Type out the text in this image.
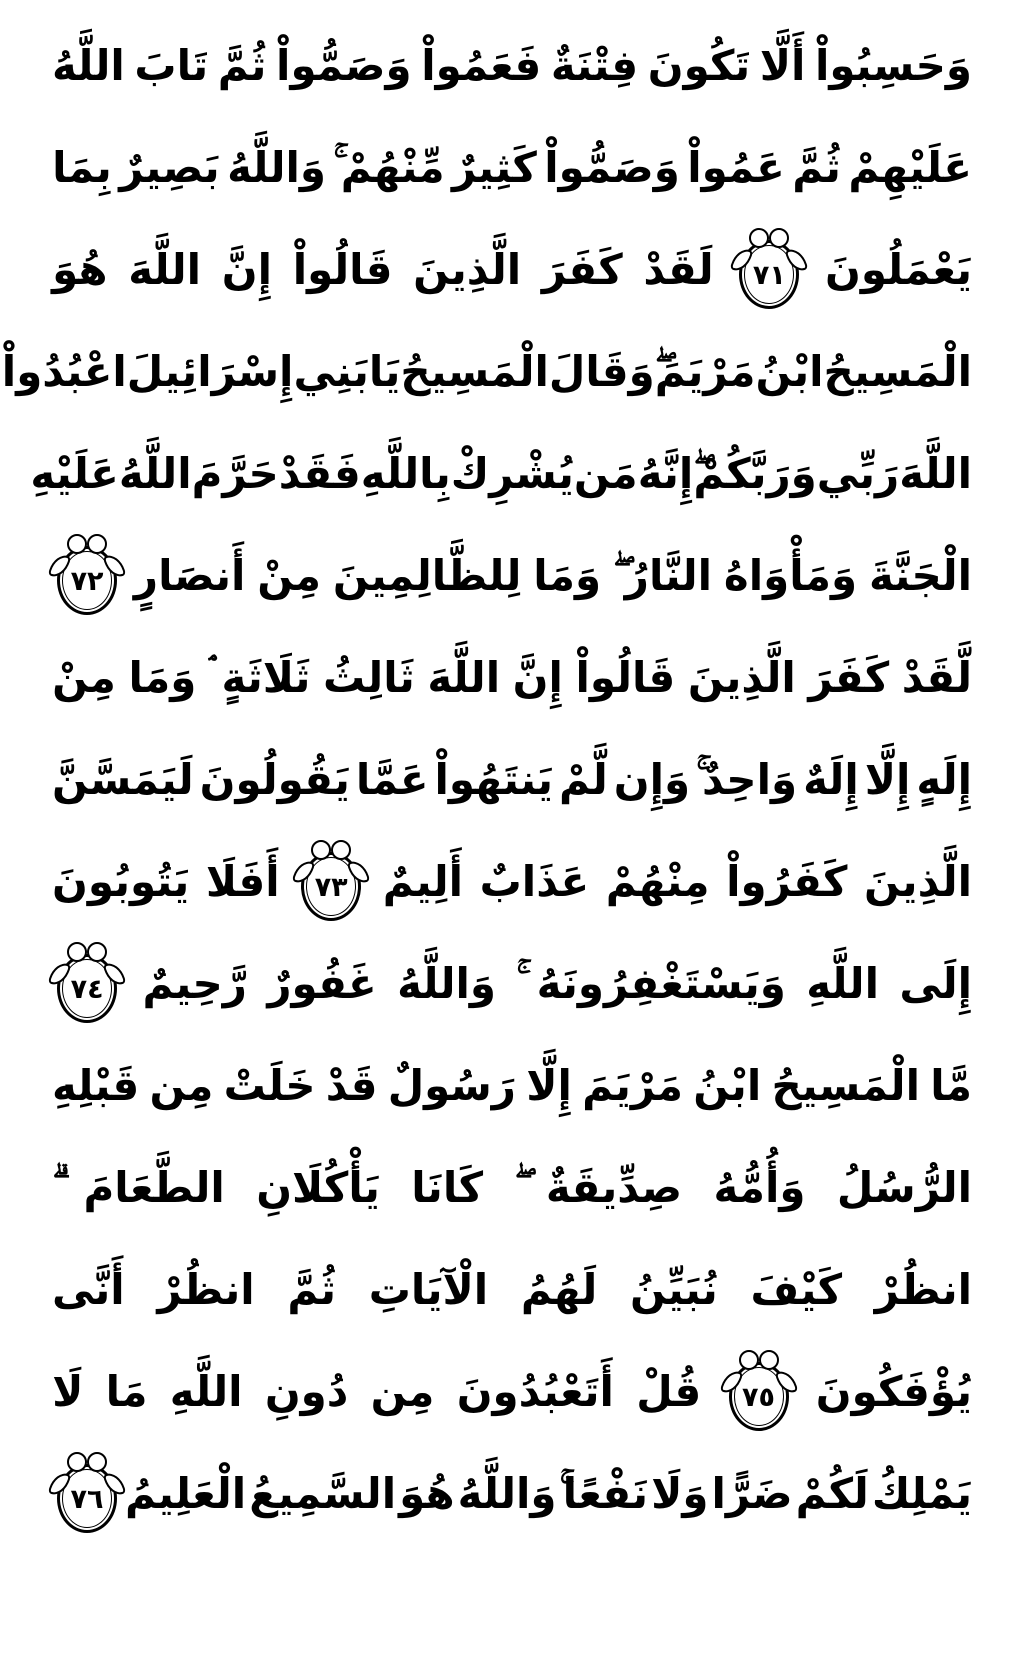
وَحَسِبُواْ
أَلَّا
تَكُونَ
فِتْنَةٌ
فَعَمُواْ
وَصَمُّواْ
ثُمَّ
تَابَ
اللَّهُ
عَلَيْهِمْ
ثُمَّ
عَمُواْ
وَصَمُّواْ
كَثِيرٌ
مِّنْهُمْ
وَاللَّهُ
بَصِيرٌ
بِمَا
يَعْمَلُونَ
٧١
لَقَدْ
كَفَرَ
الَّذِينَ
قَالُواْ
إِنَّ
اللَّهَ
هُوَ
الْمَسِيحُ
ابْنُ
مَرْيَمَ
وَقَالَ
الْمَسِيحُ
يَابَنِي
إِسْرَائِيلَ
اعْبُدُواْ
اللَّهَ
رَبِّي
وَرَبَّكُمْ
إِنَّهُ
مَن
يُشْرِكْ
بِاللَّهِ
فَقَدْ
حَرَّمَ
اللَّهُ
عَلَيْهِ
الْجَنَّةَ
وَمَأْوَاهُ
النَّارُ
وَمَا
لِلظَّالِمِينَ
مِنْ
أَنصَارٍ
٧٢
لَّقَدْ
كَفَرَ
الَّذِينَ
قَالُواْ
إِنَّ
اللَّهَ
ثَالِثُ
ثَلَاثَةٍ
وَمَا
مِنْ
إِلَهٍ
إِلَّا
إِلَهٌ
وَاحِدٌ
وَإِن
لَّمْ
يَنتَهُواْ
عَمَّا
يَقُولُونَ
لَيَمَسَّنَّ
الَّذِينَ
كَفَرُواْ
مِنْهُمْ
عَذَابٌ
أَلِيمٌ
٧٣
أَفَلَا
يَتُوبُونَ
إِلَى
اللَّهِ
وَيَسْتَغْفِرُونَهُ
وَاللَّهُ
غَفُورٌ
رَّحِيمٌ
٧٤
مَّا
الْمَسِيحُ
ابْنُ
مَرْيَمَ
إِلَّا
رَسُولٌ
قَدْ
خَلَتْ
مِن
قَبْلِهِ
الرُّسُلُ
وَأُمُّهُ
صِدِّيقَةٌ
كَانَا
يَأْكُلَانِ
الطَّعَامَ
انظُرْ
كَيْفَ
نُبَيِّنُ
لَهُمُ
الْآيَاتِ
ثُمَّ
انظُرْ
أَنَّى
يُؤْفَكُونَ
٧٥
قُلْ
أَتَعْبُدُونَ
مِن
دُونِ
اللَّهِ
مَا
لَا
يَمْلِكُ
لَكُمْ
ضَرًّا
وَلَا
نَفْعًا
وَاللَّهُ
هُوَ
السَّمِيعُ
الْعَلِيمُ
٧٦
